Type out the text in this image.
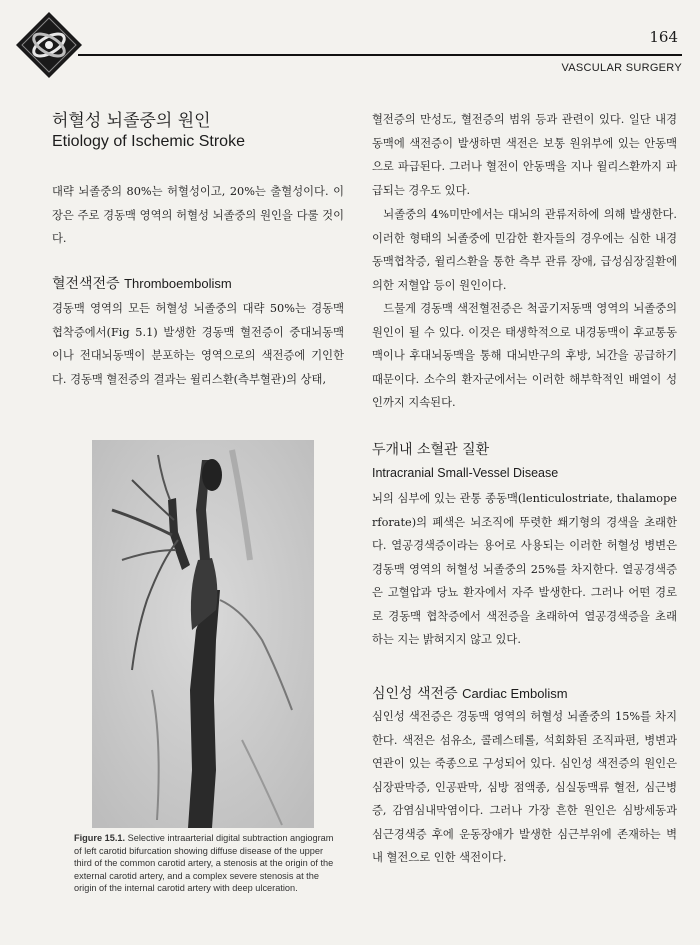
164
VASCULAR SURGERY
허혈성 뇌졸중의 원인
Etiology of Ischemic Stroke
대략 뇌졸중의 80%는 허혈성이고, 20%는 출혈성이다. 이 장은 주로 경동맥 영역의 허혈성 뇌졸중의 원인을 다룰 것이다.
혈전색전증 Thromboembolism
경동맥 영역의 모든 허혈성 뇌졸중의 대략 50%는 경동맥 협착증에서(Fig 5.1) 발생한 경동맥 혈전증이 중대뇌동맥이나 전대뇌동맥이 분포하는 영역으로의 색전증에 기인한다. 경동맥 혈전증의 결과는 윌리스환(측부혈관)의 상태,
Figure 15.1. Selective intraarterial digital subtraction angiogram of left carotid bifurcation showing diffuse disease of the upper third of the common carotid artery, a stenosis at the origin of the external carotid artery, and a complex severe stenosis at the origin of the internal carotid artery with deep ulceration.
혈전증의 만성도, 혈전증의 범위 등과 관련이 있다. 일단 내경동맥에 색전증이 발생하면 색전은 보통 원위부에 있는 안동맥으로 파급된다. 그러나 혈전이 안동맥을 지나 윌리스환까지 파급되는 경우도 있다.
뇌졸중의 4%미만에서는 대뇌의 관류저하에 의해 발생한다. 이러한 형태의 뇌졸중에 민감한 환자들의 경우에는 심한 내경동맥협착증, 윌리스환을 통한 측부 관류 장애, 급성심장질환에 의한 저혈압 등이 원인이다.
드물게 경동맥 색전혈전증은 척골기저동맥 영역의 뇌졸중의 원인이 될 수 있다. 이것은 태생학적으로 내경동맥이 후교통동맥이나 후대뇌동맥을 통해 대뇌반구의 후방, 뇌간을 공급하기 때문이다. 소수의 환자군에서는 이러한 해부학적인 배열이 성인까지 지속된다.
두개내 소혈관 질환
Intracranial Small-Vessel Disease
뇌의 심부에 있는 관통 종동맥(lenticulostriate, thalamoperforate)의 폐색은 뇌조직에 뚜렷한 쐐기형의 경색을 초래한다. 열공경색증이라는 용어로 사용되는 이러한 허혈성 병변은 경동맥 영역의 허혈성 뇌졸중의 25%를 차지한다. 열공경색증은 고혈압과 당뇨 환자에서 자주 발생한다. 그러나 어떤 경로로 경동맥 협착증에서 색전증을 초래하여 열공경색증을 초래하는 지는 밝혀지지 않고 있다.
심인성 색전증 Cardiac Embolism
심인성 색전증은 경동맥 영역의 허혈성 뇌졸중의 15%를 차지한다. 색전은 섬유소, 콜레스테롤, 석회화된 조직파편, 병변과 연관이 있는 죽종으로 구성되어 있다. 심인성 색전증의 원인은 심장판막증, 인공판막, 심방 점액종, 심실동맥류 혈전, 심근병증, 감염심내막염이다. 그러나 가장 흔한 원인은 심방세동과 심근경색증 후에 운동장애가 발생한 심근부위에 존재하는 벽내 혈전으로 인한 색전이다.
